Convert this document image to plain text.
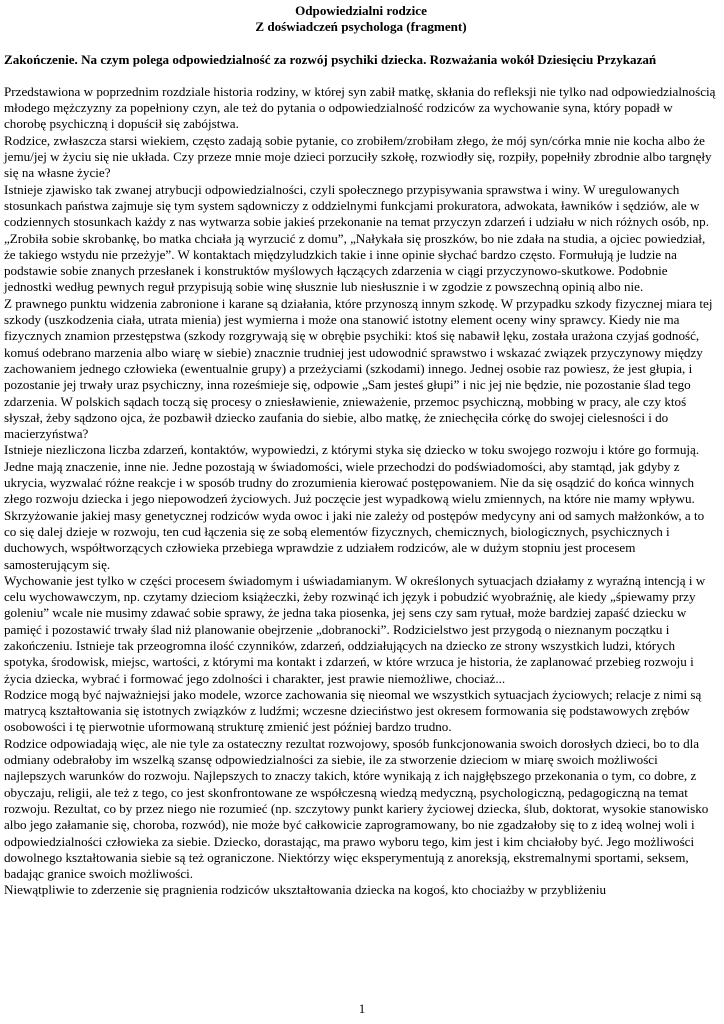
Odpowiedzialni rodzice

Z doświadczeń psychologa (fragment)

Zakończenie. Na czym polega odpowiedzialność za rozwój psychiki dziecka. Rozważania wokół Dziesięciu Przykazań

Przedstawiona w poprzednim rozdziale historia rodziny, w której syn zabił matkę, skłania do refleksji nie tylko nad odpowiedzialnością młodego mężczyzny za popełniony czyn, ale też do pytania o odpowiedzialność rodziców za wychowanie syna, który popadł w chorobę psychiczną i dopuścił się zabójstwa.

Rodzice, zwłaszcza starsi wiekiem, często zadają sobie pytanie, co zrobiłem/zrobiłam złego, że mój syn/córka mnie nie kocha albo że jemu/jej w życiu się nie układa. Czy przeze mnie moje dzieci porzuciły szkołę, rozwiodły się, rozpiły, popełniły zbrodnie albo targnęły się na własne życie?

Istnieje zjawisko tak zwanej atrybucji odpowiedzialności, czyli społecznego przypisywania sprawstwa i winy. W uregulowanych stosunkach państwa zajmuje się tym system sądowniczy z oddzielnymi funkcjami prokuratora, adwokata, ławników i sędziów, ale w codziennych stosunkach każdy z nas wytwarza sobie jakieś przekonanie na temat przyczyn zdarzeń i udziału w nich różnych osób, np. „Zrobiła sobie skrobankę, bo matka chciała ją wyrzucić z domu”, „Nałykała się proszków, bo nie zdała na studia, a ojciec powiedział, że takiego wstydu nie przeżyje”. W kontaktach międzyludzkich takie i inne opinie słychać bardzo często. Formułują je ludzie na podstawie sobie znanych przesłanek i konstruktów myślowych łączących zdarzenia w ciągi przyczynowo-skutkowe. Podobnie jednostki według pewnych reguł przypisują sobie winę słusznie lub niesłusznie i w zgodzie z powszechną opinią albo nie.

Z prawnego punktu widzenia zabronione i karane są działania, które przynoszą innym szkodę. W przypadku szkody fizycznej miara tej szkody (uszkodzenia ciała, utrata mienia) jest wymierna i może ona stanowić istotny element oceny winy sprawcy. Kiedy nie ma fizycznych znamion przestępstwa (szkody rozgrywają się w obrębie psychiki: ktoś się nabawił lęku, została urażona czyjaś godność, komuś odebrano marzenia albo wiarę w siebie) znacznie trudniej jest udowodnić sprawstwo i wskazać związek przyczynowy między zachowaniem jednego człowieka (ewentualnie grupy) a przeżyciami (szkodami) innego. Jednej osobie raz powiesz, że jest głupia, i pozostanie jej trwały uraz psychiczny, inna roześmieje się, odpowie „Sam jesteś głupi” i nic jej nie będzie, nie pozostanie ślad tego zdarzenia. W polskich sądach toczą się procesy o zniesławienie, znieważenie, przemoc psychiczną, mobbing w pracy, ale czy ktoś słyszał, żeby sądzono ojca, że pozbawił dziecko zaufania do siebie, albo matkę, że zniechęciła córkę do swojej cielesności i do macierzyństwa?

Istnieje niezliczona liczba zdarzeń, kontaktów, wypowiedzi, z którymi styka się dziecko w toku swojego rozwoju i które go formują. Jedne mają znaczenie, inne nie. Jedne pozostają w świadomości, wiele przechodzi do podświadomości, aby stamtąd, jak gdyby z ukrycia, wyzwalać różne reakcje i w sposób trudny do zrozumienia kierować postępowaniem. Nie da się osądzić do końca winnych złego rozwoju dziecka i jego niepowodzeń życiowych. Już poczęcie jest wypadkową wielu zmiennych, na które nie mamy wpływu. Skrzyżowanie jakiej masy genetycznej rodziców wyda owoc i jaki nie zależy od postępów medycyny ani od samych małżonków, a to co się dalej dzieje w rozwoju, ten cud łączenia się ze sobą elementów fizycznych, chemicznych, biologicznych, psychicznych i duchowych, współtworzących człowieka przebiega wprawdzie z udziałem rodziców, ale w dużym stopniu jest procesem samosterującym się.

Wychowanie jest tylko w części procesem świadomym i uświadamianym. W określonych sytuacjach działamy z wyraźną intencją i w celu wychowawczym, np. czytamy dzieciom książeczki, żeby rozwinąć ich język i pobudzić wyobraźnię, ale kiedy „śpiewamy przy goleniu” wcale nie musimy zdawać sobie sprawy, że jedna taka piosenka, jej sens czy sam rytuał, może bardziej zapaść dziecku w pamięć i pozostawić trwały ślad niż planowanie obejrzenie „dobranocki”. Rodzicielstwo jest przygodą o nieznanym początku i zakończeniu. Istnieje tak przeogromna ilość czynników, zdarzeń, oddziałujących na dziecko ze strony wszystkich ludzi, których spotyka, środowisk, miejsc, wartości, z którymi ma kontakt i zdarzeń, w które wrzuca je historia, że zaplanować przebieg rozwoju i życia dziecka, wybrać i formować jego zdolności i charakter, jest prawie niemożliwe, chociaż...

Rodzice mogą być najważniejsi jako modele, wzorce zachowania się nieomal we wszystkich sytuacjach życiowych; relacje z nimi są matrycą kształtowania się istotnych związków z ludźmi; wczesne dzieciństwo jest okresem formowania się podstawowych zrębów osobowości i tę pierwotnie uformowaną strukturę zmienić jest później bardzo trudno.

Rodzice odpowiadają więc, ale nie tyle za ostateczny rezultat rozwojowy, sposób funkcjonowania swoich dorosłych dzieci, bo to dla odmiany odebrałoby im wszelką szansę odpowiedzialności za siebie, ile za stworzenie dzieciom w miarę swoich możliwości najlepszych warunków do rozwoju. Najlepszych to znaczy takich, które wynikają z ich najgłębszego przekonania o tym, co dobre, z obyczaju, religii, ale też z tego, co jest skonfrontowane ze współczesną wiedzą medyczną, psychologiczną, pedagogiczną na temat rozwoju. Rezultat, co by przez niego nie rozumieć (np. szczytowy punkt kariery życiowej dziecka, ślub, doktorat, wysokie stanowisko albo jego załamanie się, choroba, rozwód), nie może być całkowicie zaprogramowany, bo nie zgadzałoby się to z ideą wolnej woli i odpowiedzialności człowieka za siebie. Dziecko, dorastając, ma prawo wyboru tego, kim jest i kim chciałoby być. Jego możliwości dowolnego kształtowania siebie są też ograniczone. Niektórzy więc eksperymentują z anoreksją, ekstremalnymi sportami, seksem, badając granice swoich możliwości.

Niewątpliwie to zderzenie się pragnienia rodziców ukształtowania dziecka na kogoś, kto chociażby w przybliżeniu

1
